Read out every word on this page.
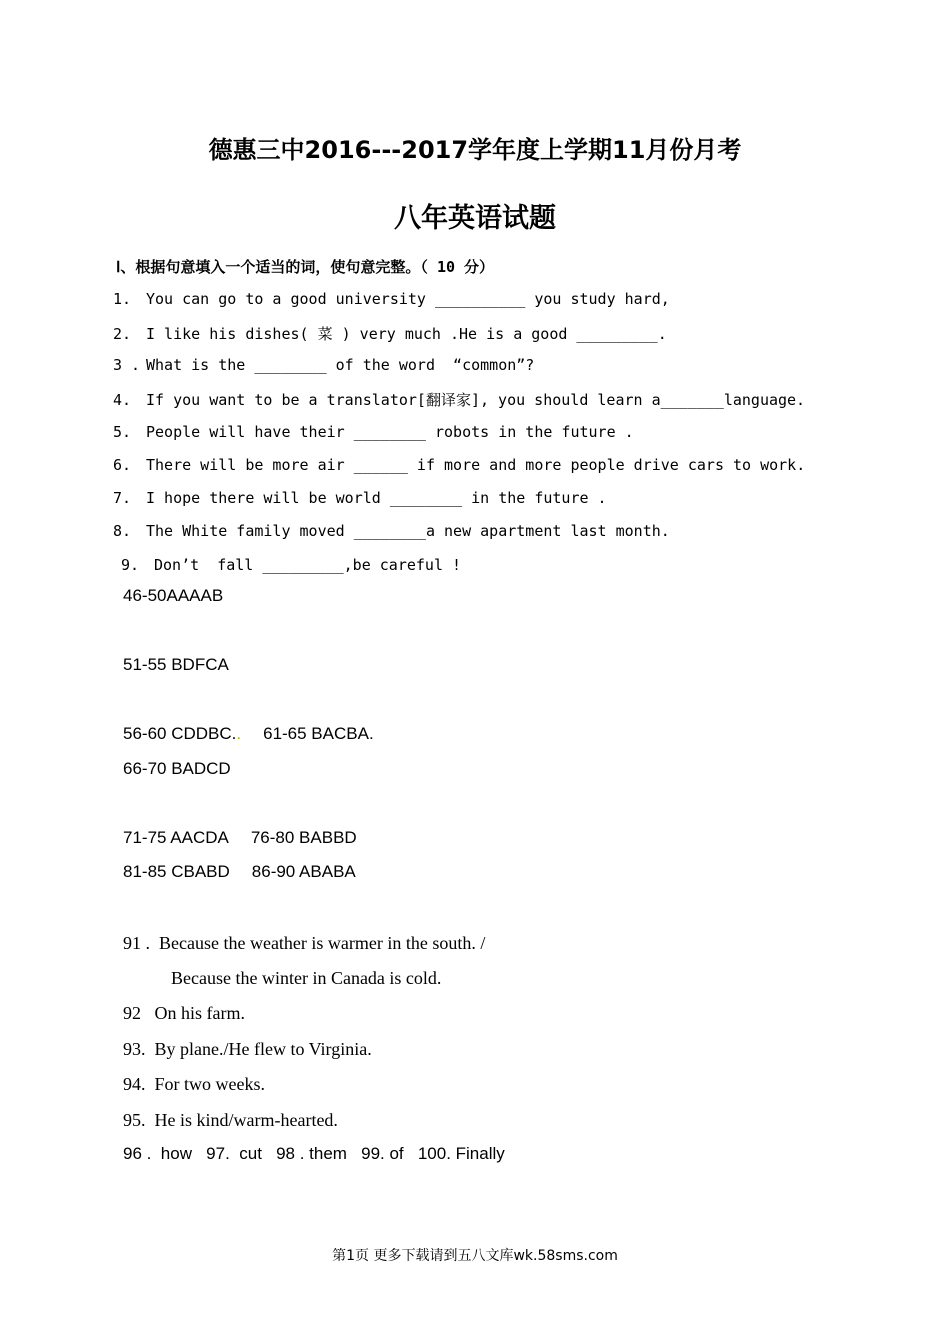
德惠三中2016---2017学年度上学期11月份月考
八年英语试题
Ⅰ、根据句意填入一个适当的词，使句意完整。（ 10 分）
1. You can go to a good university __________ you study hard,
2. I like his dishes( 菜 ) very much .He is a good _________.
3 . What is the ________ of the word  “common”?
4. If you want to be a translator[翻译家], you should learn a_______language.
5. People will have their ________ robots in the future .
6. There will be more air ______ if more and more people drive cars to work.
7. I hope there will be world ________ in the future .
8. The White family moved ________a new apartment last month.
9. Don’t  fall _________,be careful !
46-50AAAAB
51-55 BDFCA
56-60 CDDBC.. 61-65 BACBA.
66-70 BADCD
71-75 AACDA 76-80 BABBD
81-85 CBABD 86-90 ABABA
91 .  Because the weather is warmer in the south. /
Because the winter in Canada is cold.
92   On his farm.
93.  By plane./He flew to Virginia.
94.  For two weeks.
95.  He is kind/warm-hearted.
96 .  how   97.  cut   98 . them   99. of   100. Finally
第1页 更多下载请到五八文库wk.58sms.com
